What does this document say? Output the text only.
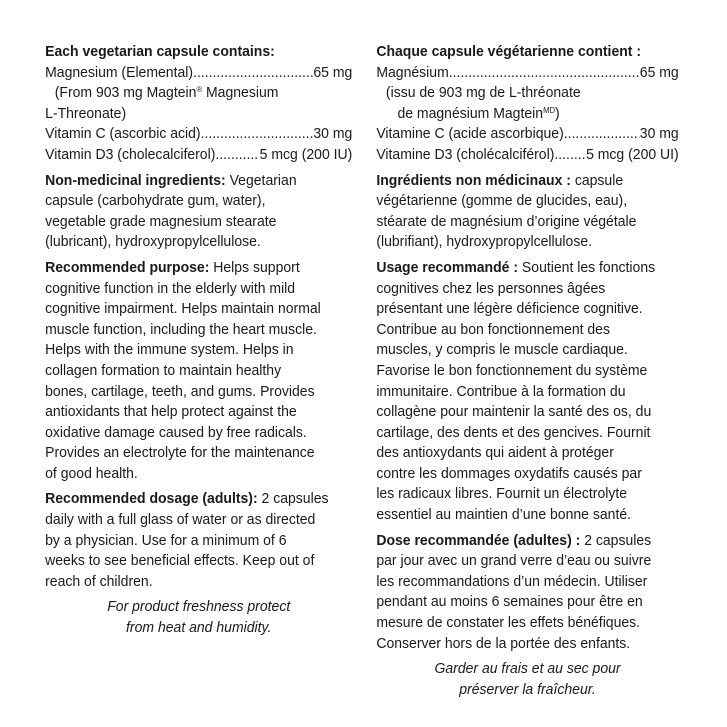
Each vegetarian capsule contains:
Magnesium (Elemental) .....	65 mg
(From 903 mg Magtein® Magnesium
L-Threonate)
Vitamin C (ascorbic acid) .....	30 mg
Vitamin D3 (cholecalciferol) .....	5 mcg (200 IU)
Non-medicinal ingredients: Vegetarian
capsule (carbohydrate gum, water),
vegetable grade magnesium stearate
(lubricant), hydroxypropylcellulose.
Recommended purpose: Helps support
cognitive function in the elderly with mild
cognitive impairment. Helps maintain normal
muscle function, including the heart muscle.
Helps with the immune system. Helps in
collagen formation to maintain healthy
bones, cartilage, teeth, and gums. Provides
antioxidants that help protect against the
oxidative damage caused by free radicals.
Provides an electrolyte for the maintenance
of good health.
Recommended dosage (adults): 2 capsules
daily with a full glass of water or as directed
by a physician. Use for a minimum of 6
weeks to see beneficial effects. Keep out of
reach of children.
For product freshness protect
from heat and humidity.
Chaque capsule végétarienne contient :
Magnésium .....	65 mg
(issu de 903 mg de L-thréonate
de magnésium Magtein$^{MD}$)
Vitamine C (acide ascorbique) .....	30 mg
Vitamine D3 (cholécalciférol) ..... 5 mcg (200 UI)
Ingrédients non médicinaux : capsule
végétarienne (gomme de glucides, eau),
stéarate de magnésium d’origine végétale
(lubrifiant), hydroxypropylcellulose.
Usage recommandé : Soutient les fonctions
cognitives chez les personnes âgées
présentant une légère déficience cognitive.
Contribue au bon fonctionnement des
muscles, y compris le muscle cardiaque.
Favorise le bon fonctionnement du système
immunitaire. Contribue à la formation du
collagène pour maintenir la santé des os, du
cartilage, des dents et des gencives. Fournit
des antioxydants qui aident à protéger
contre les dommages oxydatifs causés par
les radicaux libres. Fournit un électrolyte
essentiel au maintien d’une bonne santé.
Dose recommandée (adultes) : 2 capsules
par jour avec un grand verre d’eau ou suivre
les recommandations d’un médecin. Utiliser
pendant au moins 6 semaines pour être en
mesure de constater les effets bénéfiques.
Conserver hors de la portée des enfants.
Garder au frais et au sec pour
préserver la fraîcheur.
